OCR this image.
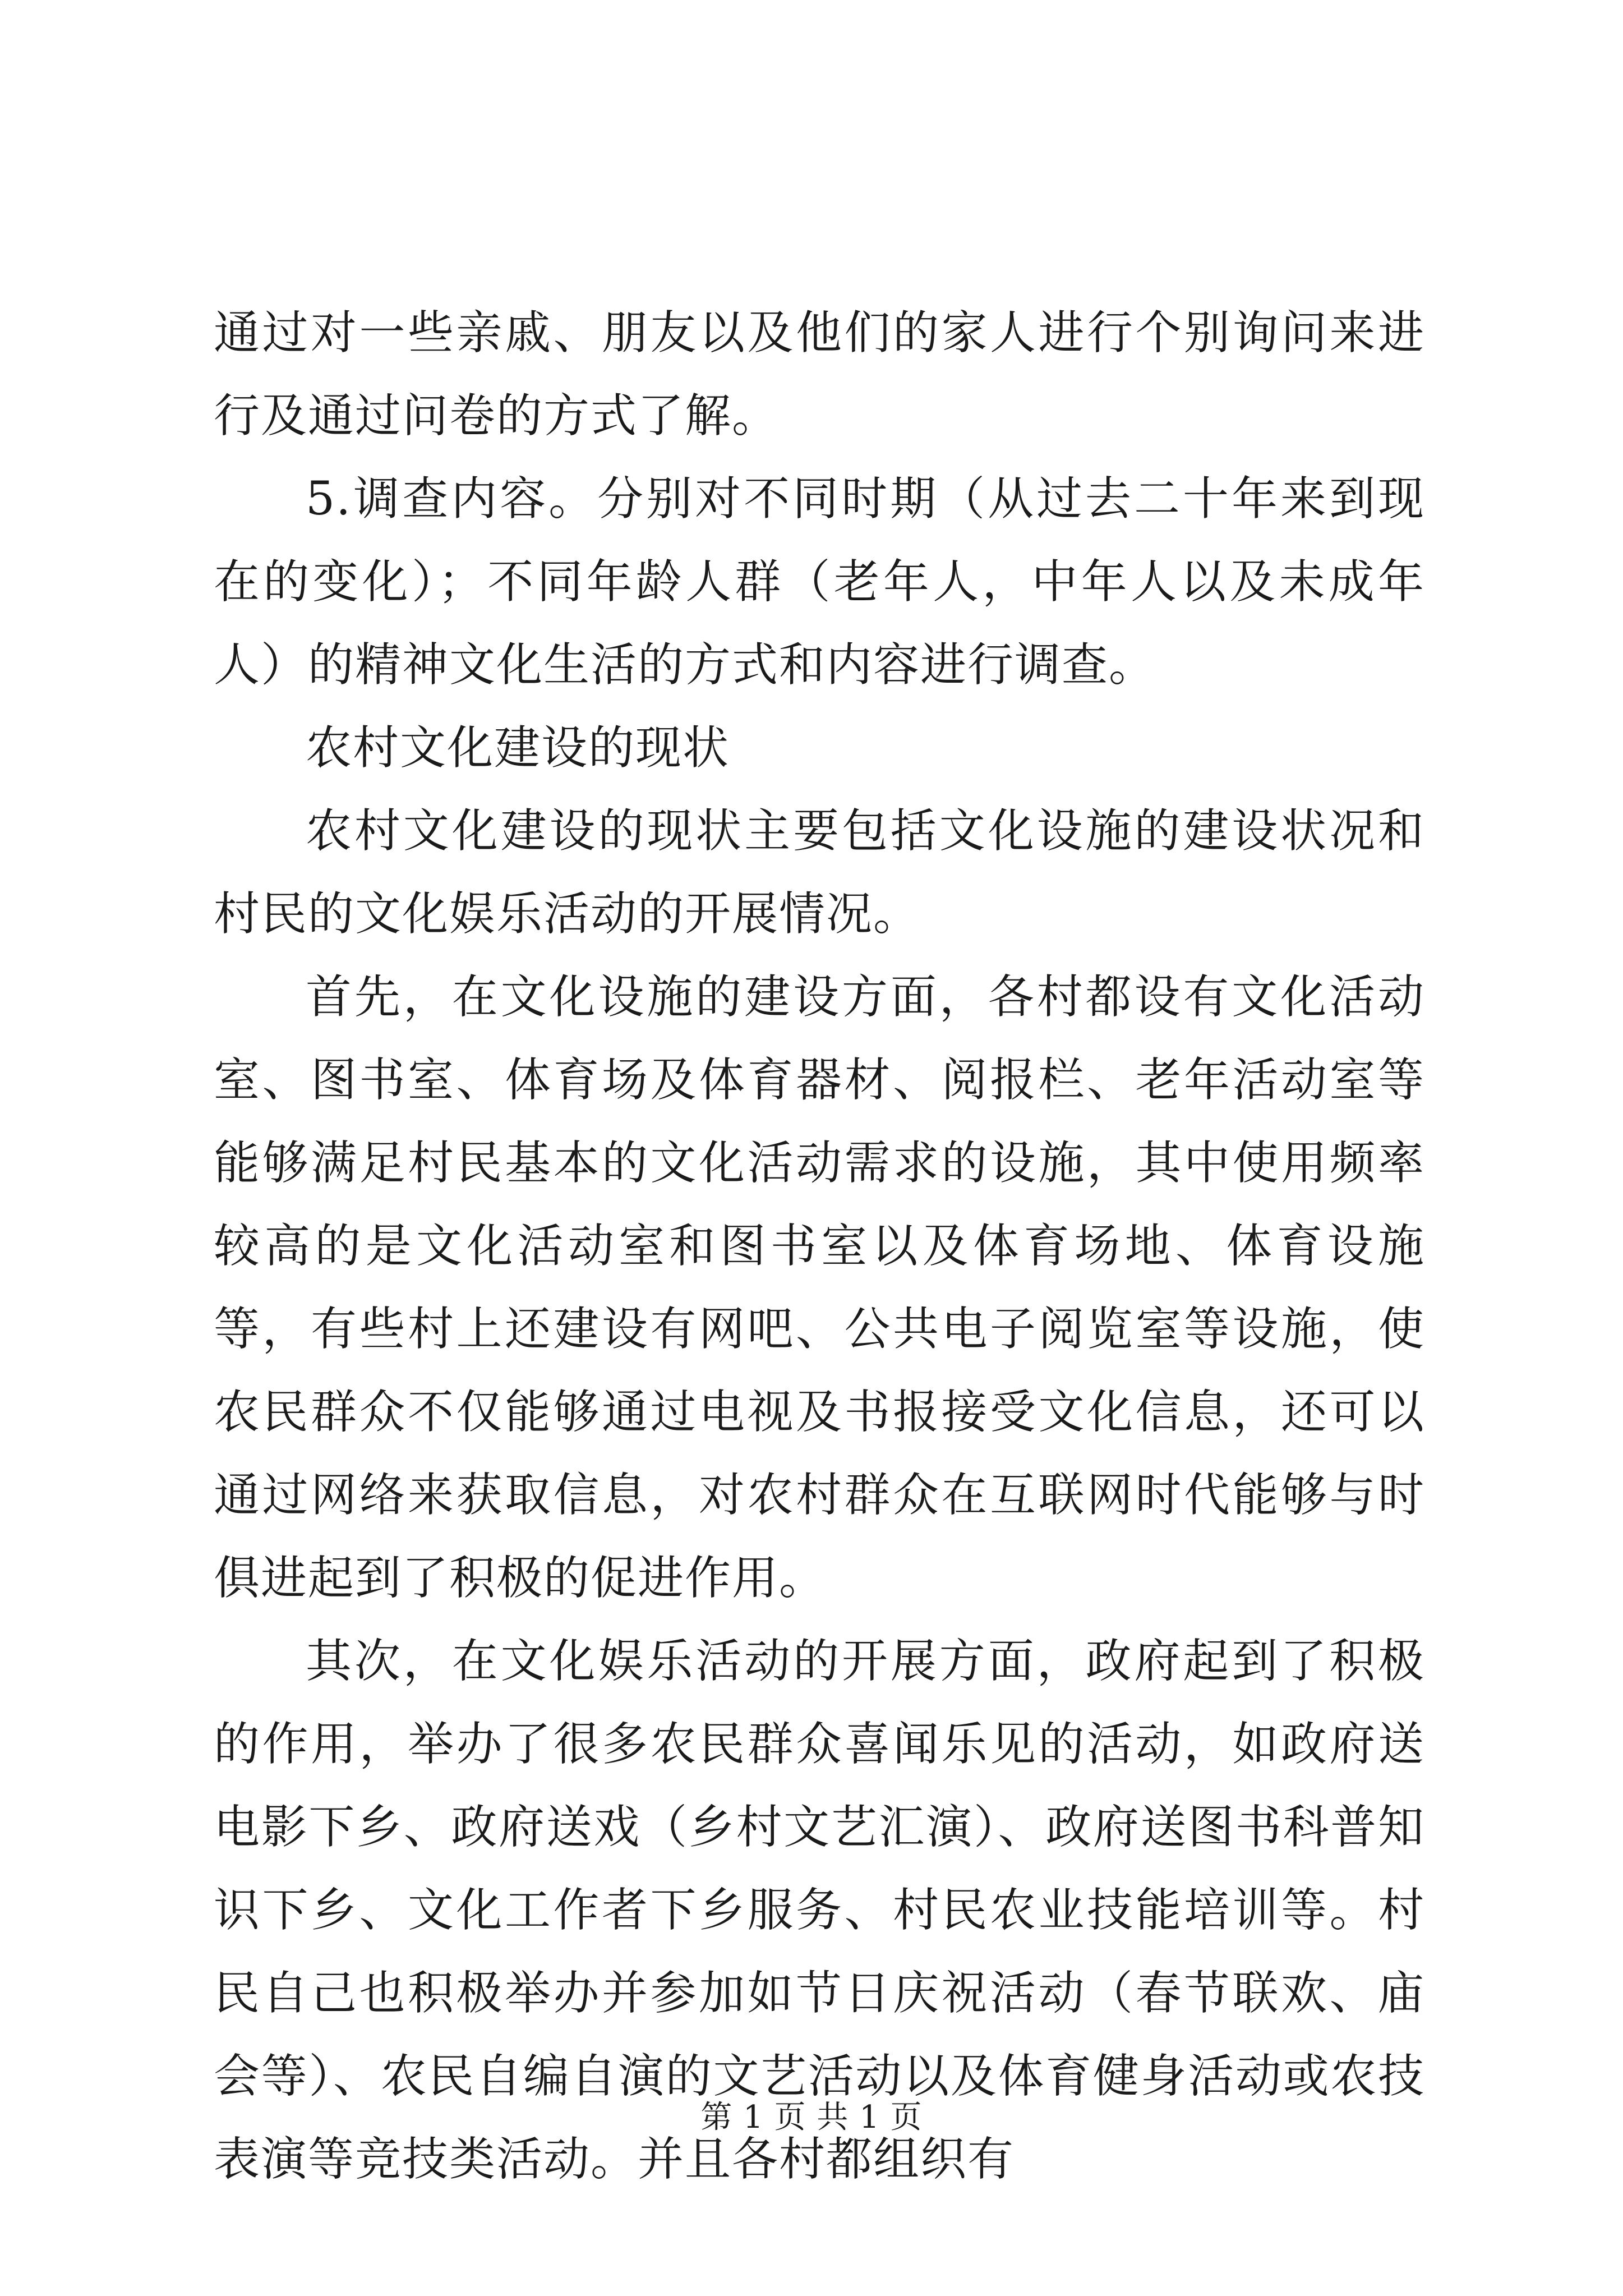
通过对一些亲戚、朋友以及他们的家人进行个别询问来进行及通过问卷的方式了解。

5.调查内容。分别对不同时期（从过去二十年来到现在的变化）；不同年龄人群（老年人，中年人以及未成年人）的精神文化生活的方式和内容进行调查。

农村文化建设的现状

农村文化建设的现状主要包括文化设施的建设状况和村民的文化娱乐活动的开展情况。

首先，在文化设施的建设方面，各村都设有文化活动室、图书室、体育场及体育器材、阅报栏、老年活动室等能够满足村民基本的文化活动需求的设施，其中使用频率较高的是文化活动室和图书室以及体育场地、体育设施等，有些村上还建设有网吧、公共电子阅览室等设施，使农民群众不仅能够通过电视及书报接受文化信息，还可以通过网络来获取信息，对农村群众在互联网时代能够与时俱进起到了积极的促进作用。

其次，在文化娱乐活动的开展方面，政府起到了积极的作用，举办了很多农民群众喜闻乐见的活动，如政府送电影下乡、政府送戏（乡村文艺汇演）、政府送图书科普知识下乡、文化工作者下乡服务、村民农业技能培训等。村民自己也积极举办并参加如节日庆祝活动（春节联欢、庙会等）、农民自编自演的文艺活动以及体育健身活动或农技表演等竞技类活动。并且各村都组织有

第 1 页 共 1 页
